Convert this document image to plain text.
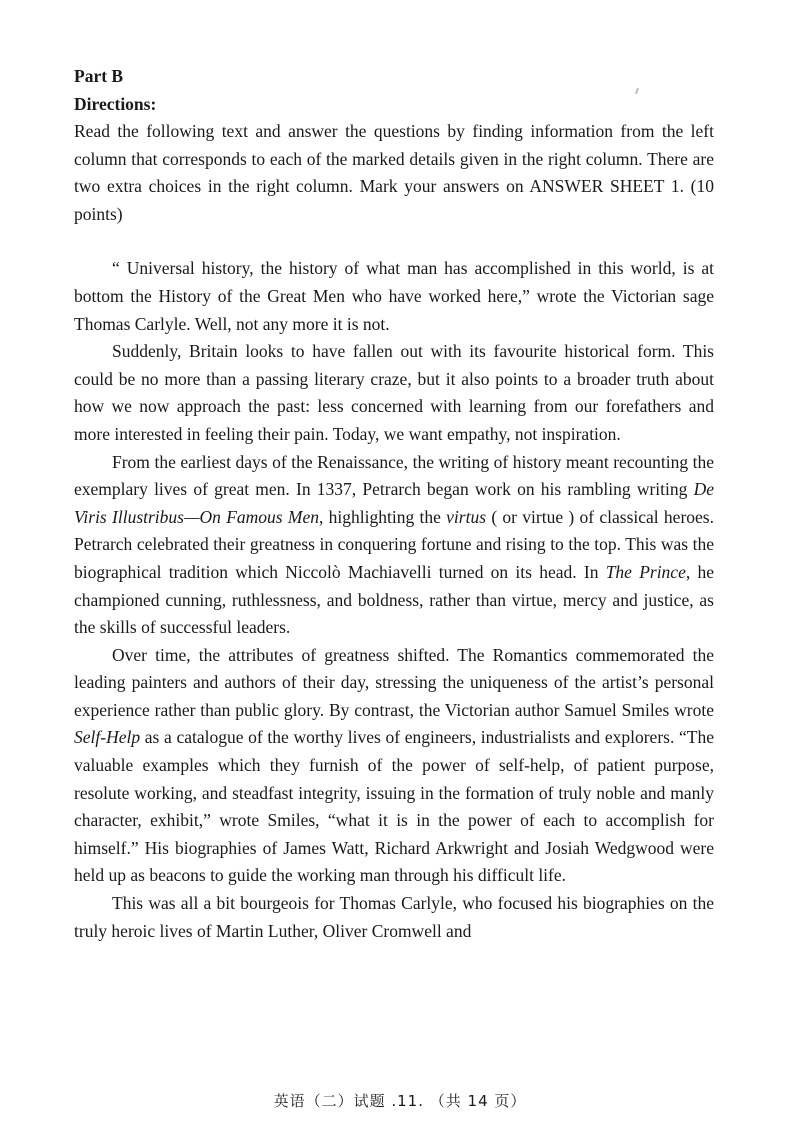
Part B

Directions:

Read the following text and answer the questions by finding information from the left column that corresponds to each of the marked details given in the right column. There are two extra choices in the right column. Mark your answers on ANSWER SHEET 1. (10 points)

“ Universal history, the history of what man has accomplished in this world, is at bottom the History of the Great Men who have worked here,” wrote the Victorian sage Thomas Carlyle. Well, not any more it is not.

Suddenly, Britain looks to have fallen out with its favourite historical form. This could be no more than a passing literary craze, but it also points to a broader truth about how we now approach the past: less concerned with learning from our forefathers and more interested in feeling their pain. Today, we want empathy, not inspiration.

From the earliest days of the Renaissance, the writing of history meant recounting the exemplary lives of great men. In 1337, Petrarch began work on his rambling writing De Viris Illustribus—On Famous Men, highlighting the virtus ( or virtue ) of classical heroes. Petrarch celebrated their greatness in conquering fortune and rising to the top. This was the biographical tradition which Niccolò Machiavelli turned on its head. In The Prince, he championed cunning, ruthlessness, and boldness, rather than virtue, mercy and justice, as the skills of successful leaders.

Over time, the attributes of greatness shifted. The Romantics commemorated the leading painters and authors of their day, stressing the uniqueness of the artist’s personal experience rather than public glory. By contrast, the Victorian author Samuel Smiles wrote Self-Help as a catalogue of the worthy lives of engineers, industrialists and explorers. “The valuable examples which they furnish of the power of self-help, of patient purpose, resolute working, and steadfast integrity, issuing in the formation of truly noble and manly character, exhibit,” wrote Smiles, “what it is in the power of each to accomplish for himself.” His biographies of James Watt, Richard Arkwright and Josiah Wedgwood were held up as beacons to guide the working man through his difficult life.

This was all a bit bourgeois for Thomas Carlyle, who focused his biographies on the truly heroic lives of Martin Luther, Oliver Cromwell and

英语（二）试题 .11. （共 14 页）
